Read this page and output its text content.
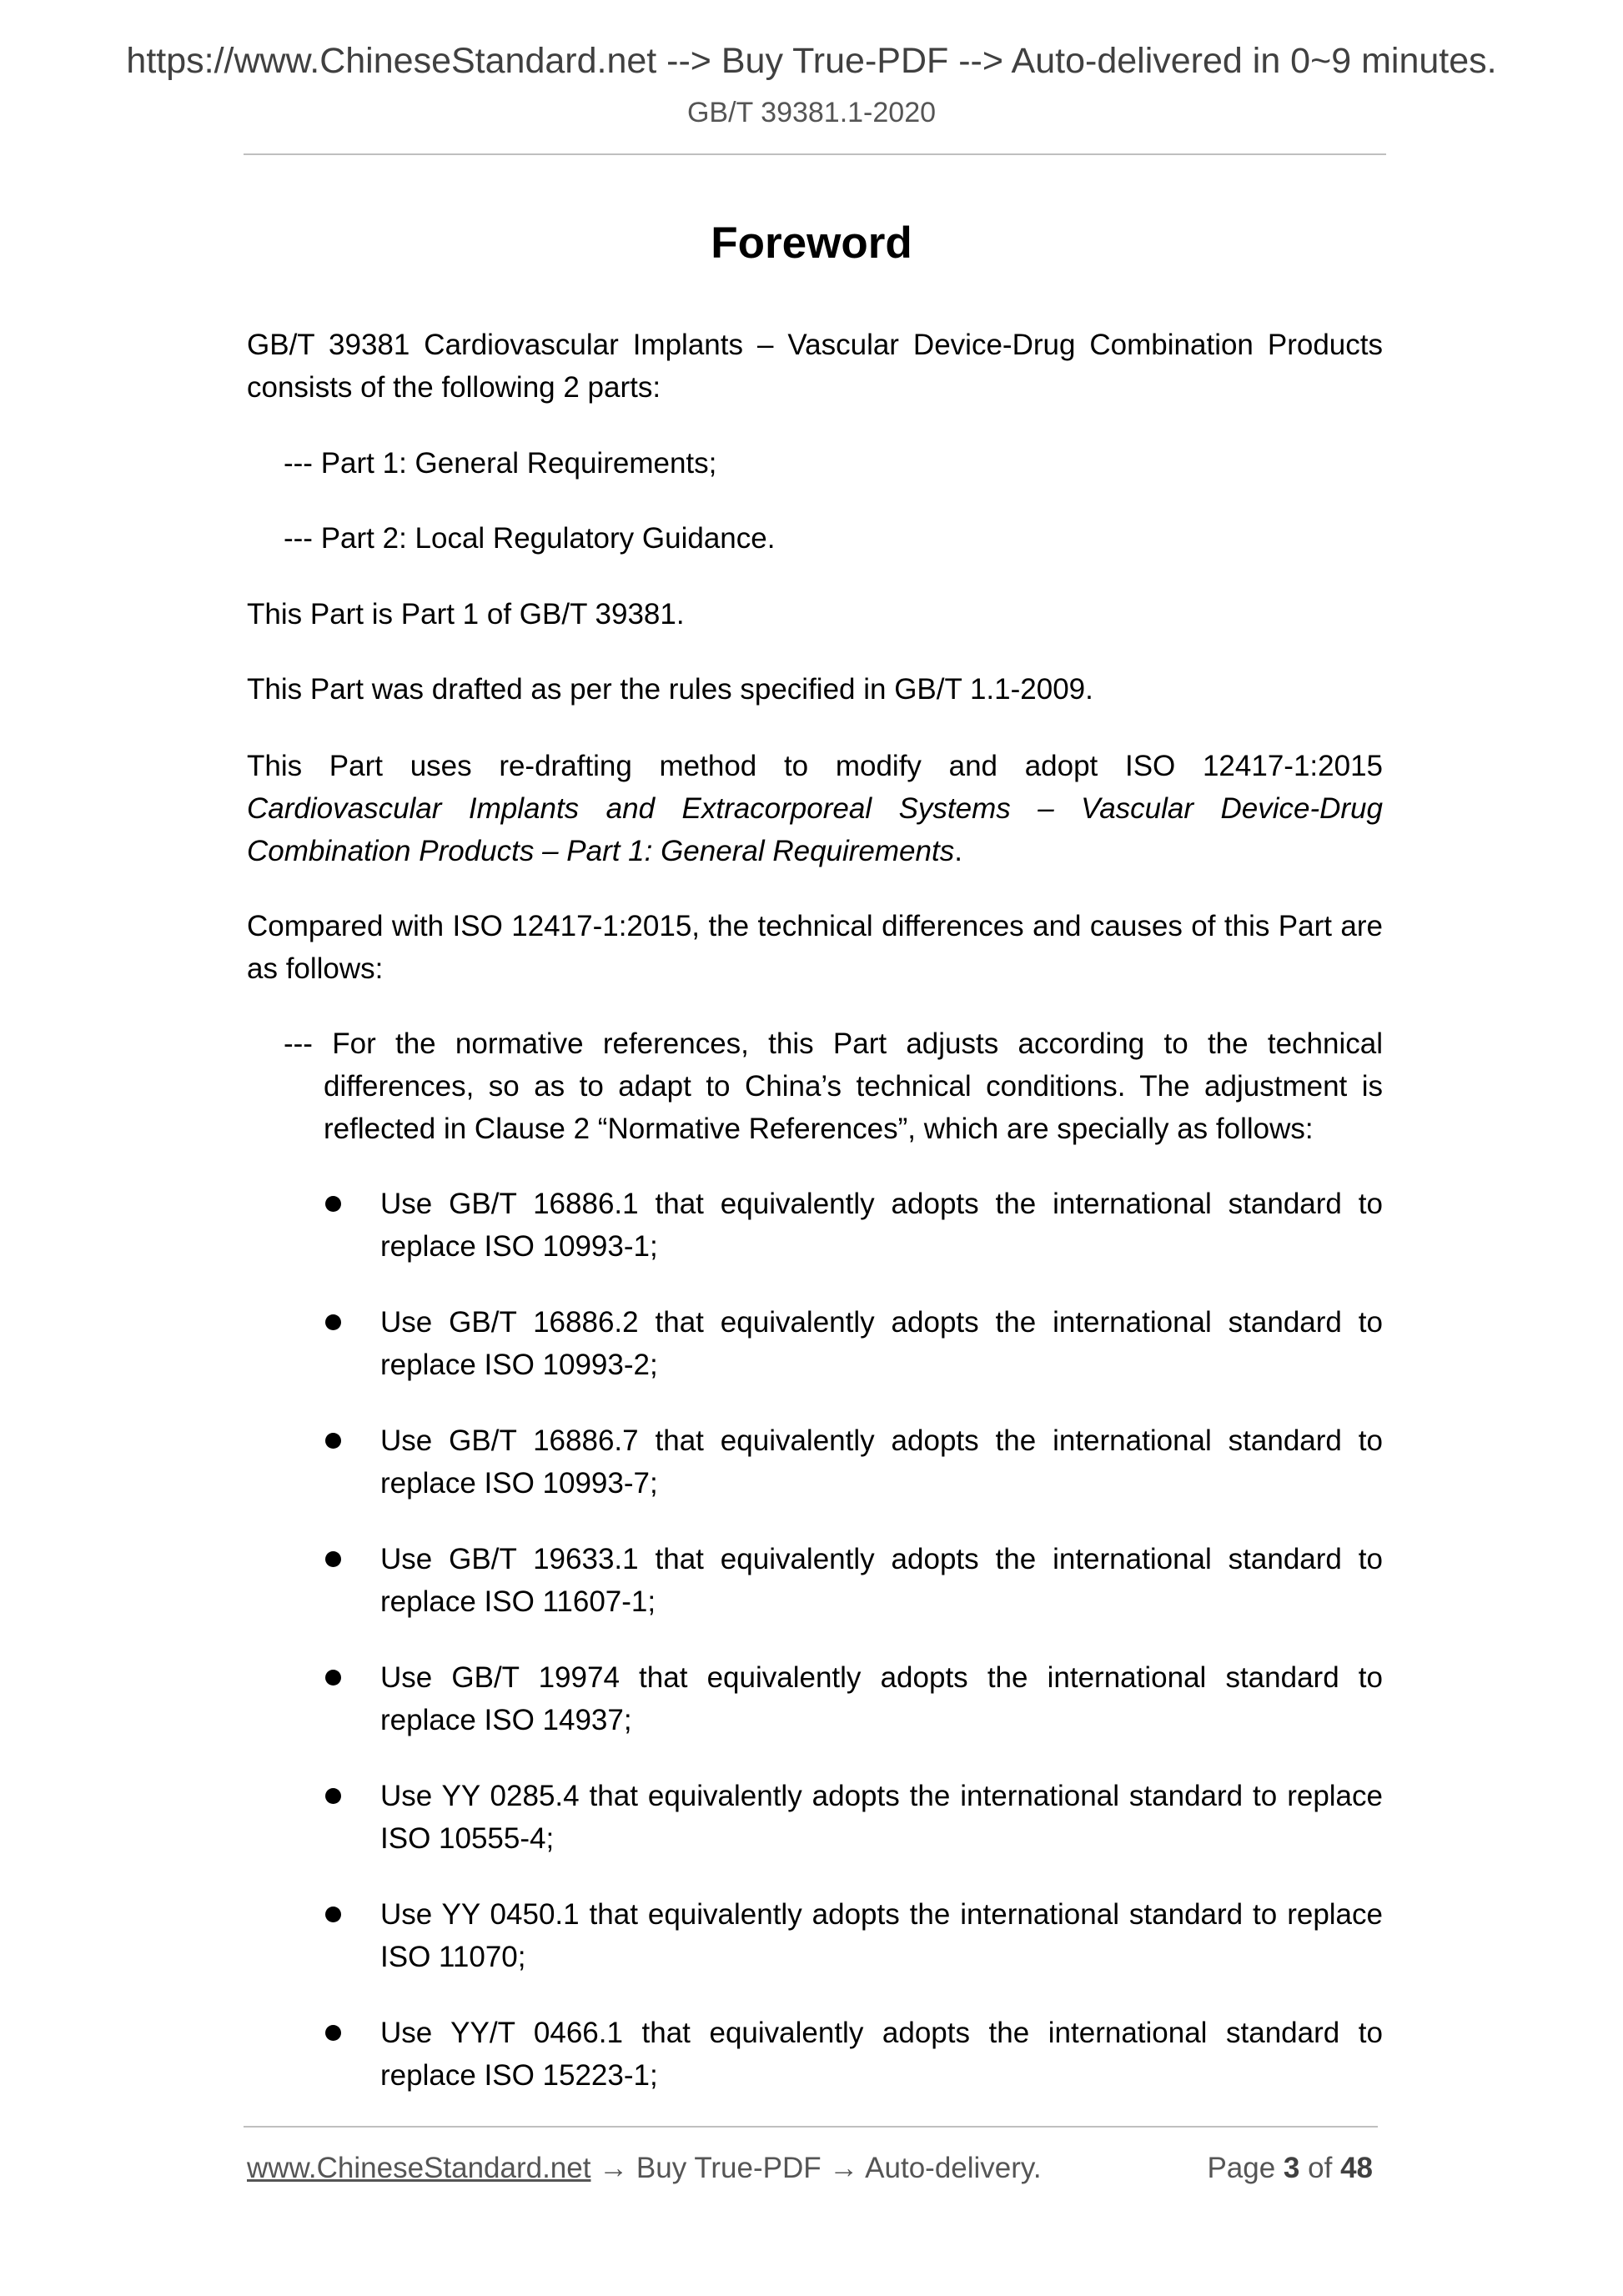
https://www.ChineseStandard.net --> Buy True-PDF --> Auto-delivered in 0~9 minutes.
GB/T 39381.1-2020
Foreword

GB/T 39381 Cardiovascular Implants – Vascular Device-Drug Combination Products consists of the following 2 parts:

--- Part 1: General Requirements;

--- Part 2: Local Regulatory Guidance.

This Part is Part 1 of GB/T 39381.

This Part was drafted as per the rules specified in GB/T 1.1-2009.

This Part uses re-drafting method to modify and adopt ISO 12417-1:2015 Cardiovascular Implants and Extracorporeal Systems – Vascular Device-Drug Combination Products – Part 1: General Requirements.

Compared with ISO 12417-1:2015, the technical differences and causes of this Part are as follows:

--- For the normative references, this Part adjusts according to the technical differences, so as to adapt to China’s technical conditions. The adjustment is reflected in Clause 2 “Normative References”, which are specially as follows:

Use GB/T 16886.1 that equivalently adopts the international standard to replace ISO 10993-1;
Use GB/T 16886.2 that equivalently adopts the international standard to replace ISO 10993-2;
Use GB/T 16886.7 that equivalently adopts the international standard to replace ISO 10993-7;
Use GB/T 19633.1 that equivalently adopts the international standard to replace ISO 11607-1;
Use GB/T 19974 that equivalently adopts the international standard to replace ISO 14937;
Use YY 0285.4 that equivalently adopts the international standard to replace ISO 10555-4;
Use YY 0450.1 that equivalently adopts the international standard to replace ISO 11070;
Use YY/T 0466.1 that equivalently adopts the international standard to replace ISO 15223-1;
www.ChineseStandard.net → Buy True-PDF → Auto-delivery.	Page 3 of 48
